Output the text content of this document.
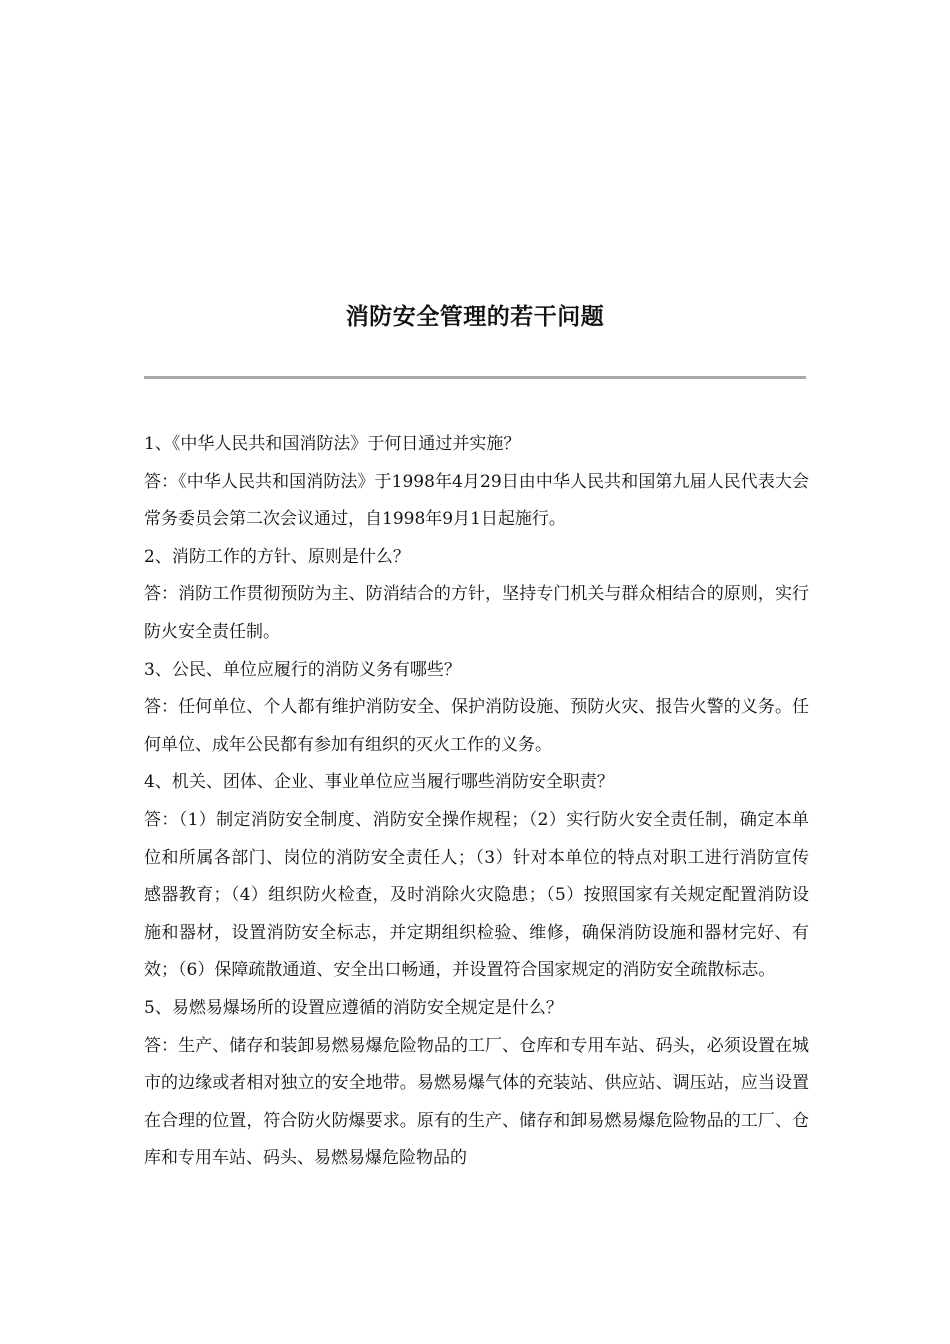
消防安全管理的若干问题

1、《中华人民共和国消防法》于何日通过并实施？

答：《中华人民共和国消防法》于1998年4月29日由中华人民共和国第九届人民代表大会常务委员会第二次会议通过，自1998年9月1日起施行。

2、消防工作的方针、原则是什么？

答：消防工作贯彻预防为主、防消结合的方针，坚持专门机关与群众相结合的原则，实行防火安全责任制。

3、公民、单位应履行的消防义务有哪些？

答：任何单位、个人都有维护消防安全、保护消防设施、预防火灾、报告火警的义务。任何单位、成年公民都有参加有组织的灭火工作的义务。

4、机关、团体、企业、事业单位应当履行哪些消防安全职责？

答：（1）制定消防安全制度、消防安全操作规程；（2）实行防火安全责任制，确定本单位和所属各部门、岗位的消防安全责任人；（3）针对本单位的特点对职工进行消防宣传感器教育；（4）组织防火检查，及时消除火灾隐患；（5）按照国家有关规定配置消防设施和器材，设置消防安全标志，并定期组织检验、维修，确保消防设施和器材完好、有效；（6）保障疏散通道、安全出口畅通，并设置符合国家规定的消防安全疏散标志。

5、易燃易爆场所的设置应遵循的消防安全规定是什么？

答：生产、储存和装卸易燃易爆危险物品的工厂、仓库和专用车站、码头，必须设置在城市的边缘或者相对独立的安全地带。易燃易爆气体的充装站、供应站、调压站，应当设置在合理的位置，符合防火防爆要求。原有的生产、储存和卸易燃易爆危险物品的工厂、仓库和专用车站、码头、易燃易爆危险物品的
